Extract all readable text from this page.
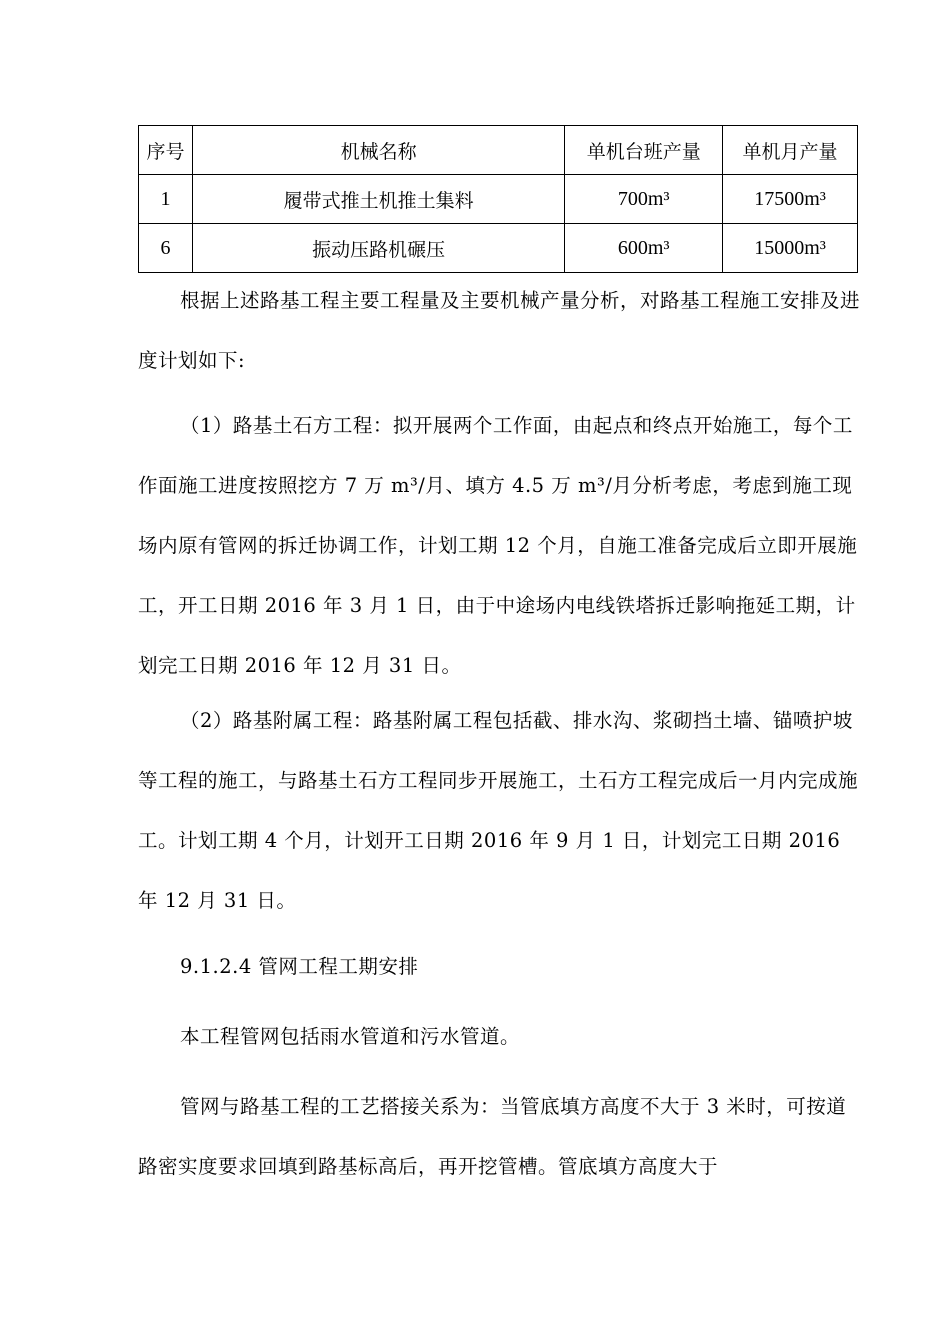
序号	机械名称	单机台班产量	单机月产量
1	履带式推土机推土集料	700m³	17500m³
6	振动压路机碾压	600m³	15000m³

根据上述路基工程主要工程量及主要机械产量分析，对路基工程施工安排及进度计划如下:

（1）路基土石方工程：拟开展两个工作面，由起点和终点开始施工，每个工作面施工进度按照挖方 7 万 m³/月、填方 4.5 万 m³/月分析考虑，考虑到施工现场内原有管网的拆迁协调工作，计划工期 12 个月，自施工准备完成后立即开展施工，开工日期 2016 年 3 月 1 日，由于中途场内电线铁塔拆迁影响拖延工期，计划完工日期 2016 年 12 月 31 日。

（2）路基附属工程：路基附属工程包括截、排水沟、浆砌挡土墙、锚喷护坡等工程的施工，与路基土石方工程同步开展施工，土石方工程完成后一月内完成施工。计划工期 4 个月，计划开工日期 2016 年 9 月 1 日，计划完工日期 2016 年 12 月 31 日。

9.1.2.4 管网工程工期安排

本工程管网包括雨水管道和污水管道。

管网与路基工程的工艺搭接关系为：当管底填方高度不大于 3 米时，可按道路密实度要求回填到路基标高后，再开挖管槽。管底填方高度大于
